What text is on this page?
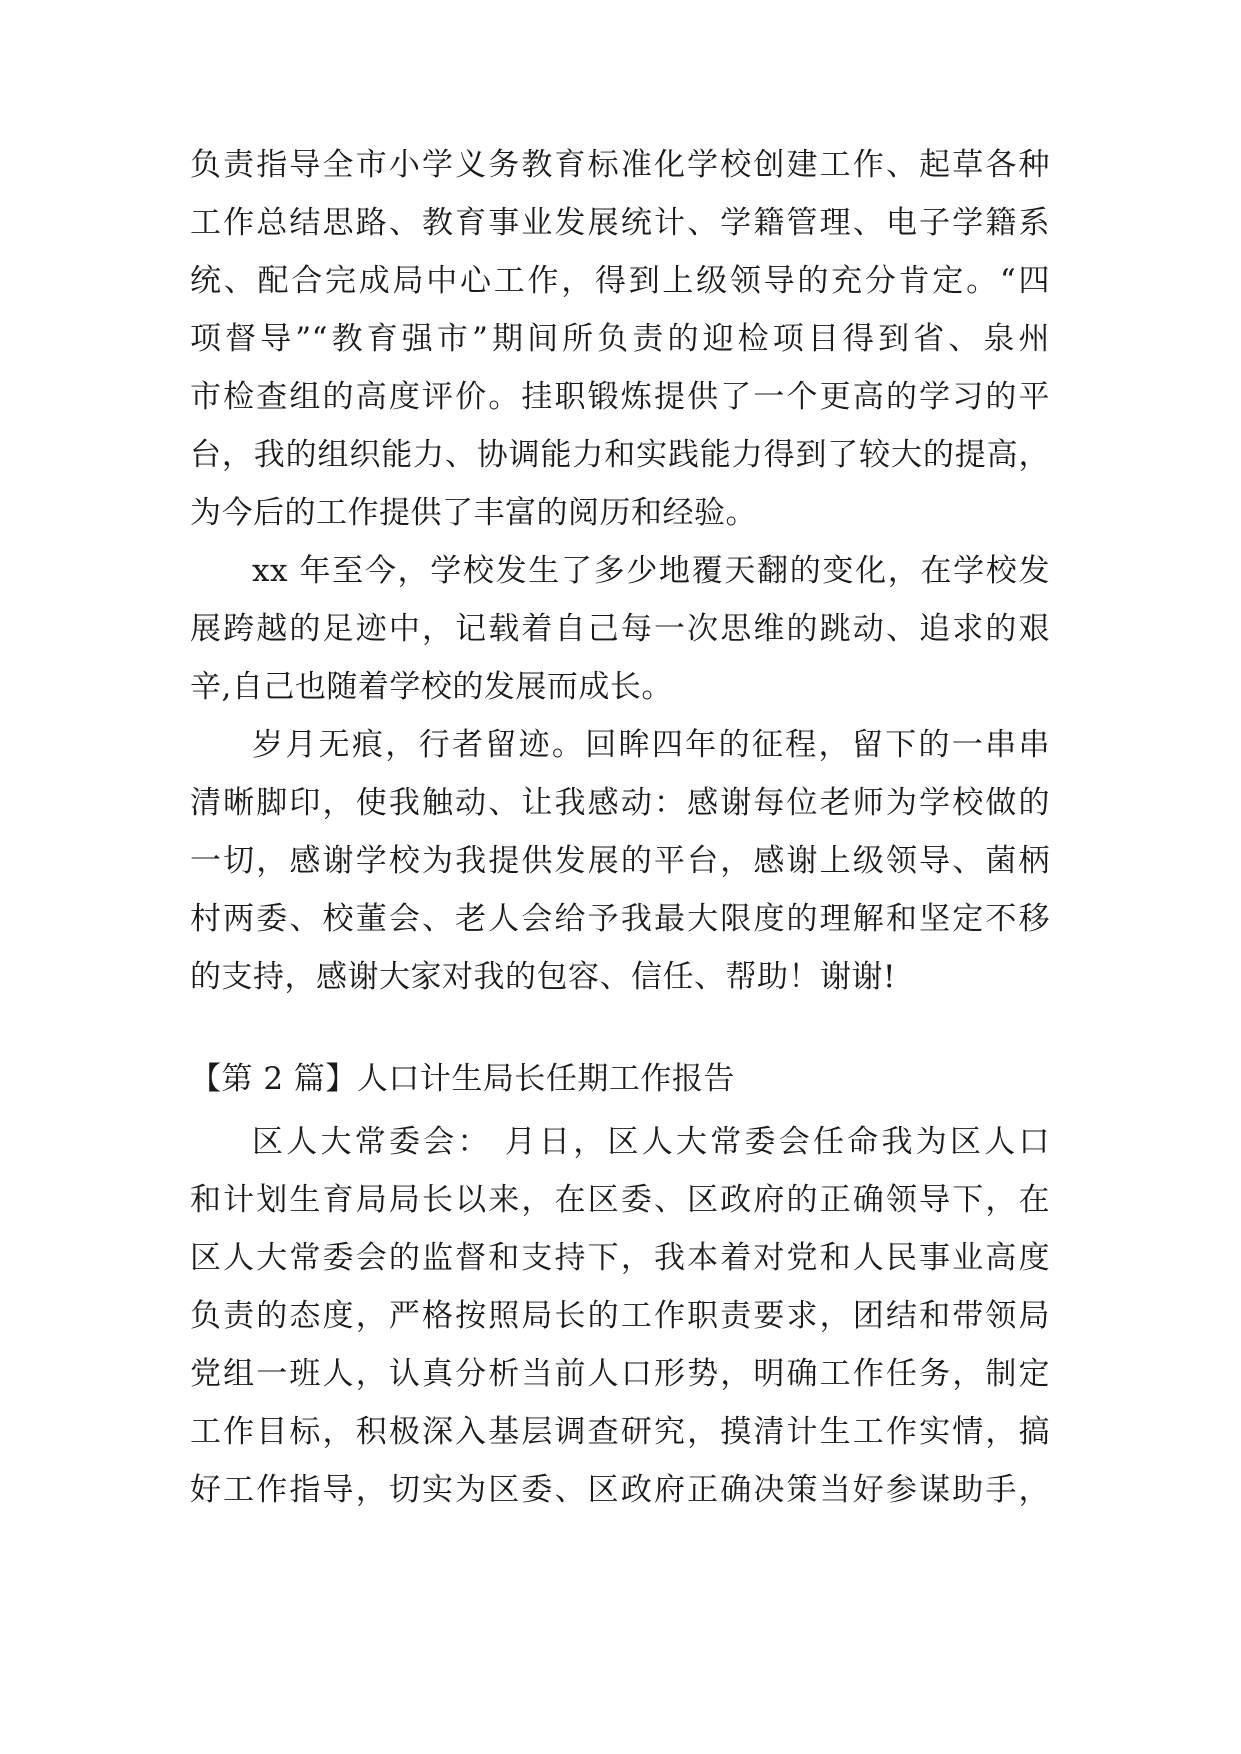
负责指导全市小学义务教育标准化学校创建工作、起草各种
工作总结思路、教育事业发展统计、学籍管理、电子学籍系
统、配合完成局中心工作，得到上级领导的充分肯定。“四
项督导”“教育强市”期间所负责的迎检项目得到省、泉州
市检查组的高度评价。挂职锻炼提供了一个更高的学习的平
台，我的组织能力、协调能力和实践能力得到了较大的提高，
为今后的工作提供了丰富的阅历和经验。
xx 年至今，学校发生了多少地覆天翻的变化，在学校发
展跨越的足迹中，记载着自己每一次思维的跳动、追求的艰
辛,自己也随着学校的发展而成长。
岁月无痕，行者留迹。回眸四年的征程，留下的一串串
清晰脚印，使我触动、让我感动：感谢每位老师为学校做的
一切，感谢学校为我提供发展的平台，感谢上级领导、菌柄
村两委、校董会、老人会给予我最大限度的理解和坚定不移
的支持，感谢大家对我的包容、信任、帮助！谢谢!
【第 2 篇】人口计生局长任期工作报告
区人大常委会： 月日，区人大常委会任命我为区人口
和计划生育局局长以来，在区委、区政府的正确领导下，在
区人大常委会的监督和支持下，我本着对党和人民事业高度
负责的态度，严格按照局长的工作职责要求，团结和带领局
党组一班人，认真分析当前人口形势，明确工作任务，制定
工作目标，积极深入基层调查研究，摸清计生工作实情，搞
好工作指导，切实为区委、区政府正确决策当好参谋助手，
